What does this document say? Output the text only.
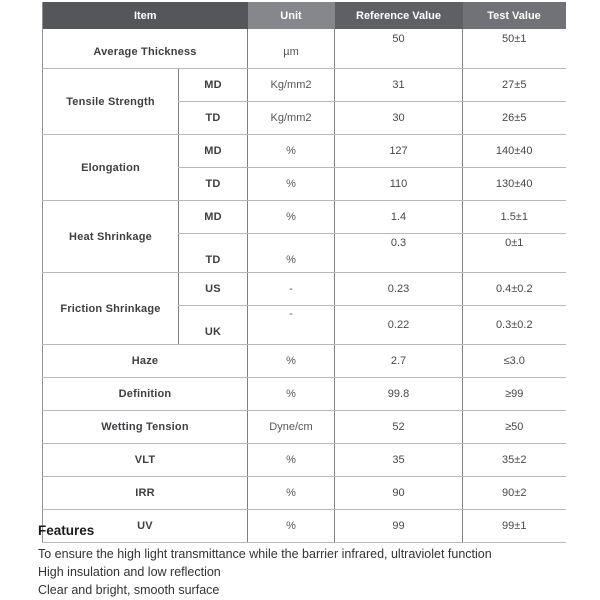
Item		Unit	Reference Value	Test Value
Average Thickness		µm	50	50±1
Tensile Strength	MD	Kg/mm2	31	27±5
	TD	Kg/mm2	30	26±5
Elongation	MD	%	127	140±40
	TD	%	110	130±40
Heat Shrinkage	MD	%	1.4	1.5±1
	TD	%	0.3	0±1
Friction Shrinkage	US	-	0.23	0.4±0.2
	UK	-	0.22	0.3±0.2
Haze		%	2.7	≤3.0
Definition		%	99.8	≥99
Wetting Tension		Dyne/cm	52	≥50
VLT		%	35	35±2
IRR		%	90	90±2
UV		%	99	99±1
Features

To ensure the high light transmittance while the barrier infrared, ultraviolet function

High insulation and low reflection

Clear and bright, smooth surface
